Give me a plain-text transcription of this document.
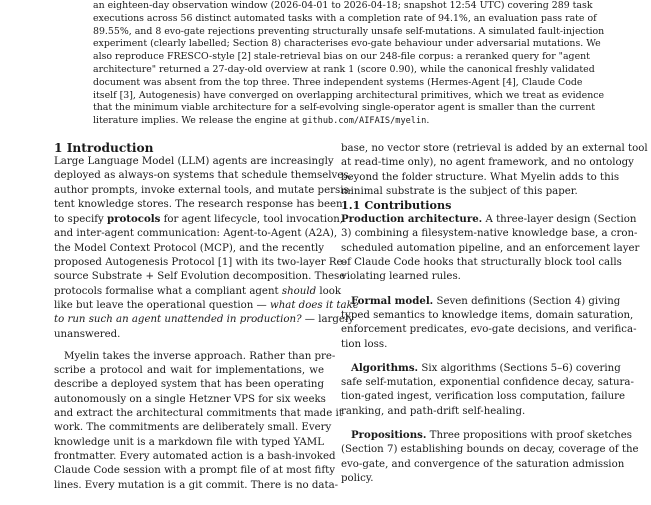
an eighteen-day observation window (2026-04-01 to 2026-04-18; snapshot 12:54 UTC) covering 289 task
executions across 56 distinct automated tasks with a completion rate of 94.1%, an evaluation pass rate of
89.55%, and 8 evo-gate rejections preventing structurally unsafe self-mutations. A simulated fault-injection
experiment (clearly labelled; Section 8) characterises evo-gate behaviour under adversarial mutations. We
also reproduce FRESCO-style [2] stale-retrieval bias on our 248-file corpus: a reranked query for "agent
architecture" returned a 27-day-old overview at rank 1 (score 0.90), while the canonical freshly validated
document was absent from the top three. Three independent systems (Hermes-Agent [4], Claude Code
itself [3], Autogenesis) have converged on overlapping architectural primitives, which we treat as evidence
that the minimum viable architecture for a self-evolving single-operator agent is smaller than the current
literature implies. We release the engine at github.com/AIFAIS/myelin.
1 Introduction
Large Language Model (LLM) agents are increasingly
deployed as always-on systems that schedule themselves,
author prompts, invoke external tools, and mutate persis-
tent knowledge stores. The research response has been
to specify protocols for agent lifecycle, tool invocation,
and inter-agent communication: Agent-to-Agent (A2A),
the Model Context Protocol (MCP), and the recently
proposed Autogenesis Protocol [1] with its two-layer Re-
source Substrate + Self Evolution decomposition. These
protocols formalise what a compliant agent should look
like but leave the operational question — what does it take
to run such an agent unattended in production? — largely
unanswered.
Myelin takes the inverse approach. Rather than pre-
scribe a protocol and wait for implementations, we
describe a deployed system that has been operating
autonomously on a single Hetzner VPS for six weeks
and extract the architectural commitments that made it
work. The commitments are deliberately small. Every
knowledge unit is a markdown file with typed YAML
frontmatter. Every automated action is a bash-invoked
Claude Code session with a prompt file of at most fifty
lines. Every mutation is a git commit. There is no data-
base, no vector store (retrieval is added by an external tool
at read-time only), no agent framework, and no ontology
beyond the folder structure. What Myelin adds to this
minimal substrate is the subject of this paper.
1.1 Contributions
Production architecture. A three-layer design (Section
3) combining a filesystem-native knowledge base, a cron-
scheduled automation pipeline, and an enforcement layer
of Claude Code hooks that structurally block tool calls
violating learned rules.
Formal model. Seven definitions (Section 4) giving
typed semantics to knowledge items, domain saturation,
enforcement predicates, evo-gate decisions, and verifica-
tion loss.
Algorithms. Six algorithms (Sections 5–6) covering
safe self-mutation, exponential confidence decay, satura-
tion-gated ingest, verification loss computation, failure
ranking, and path-drift self-healing.
Propositions. Three propositions with proof sketches
(Section 7) establishing bounds on decay, coverage of the
evo-gate, and convergence of the saturation admission
policy.
